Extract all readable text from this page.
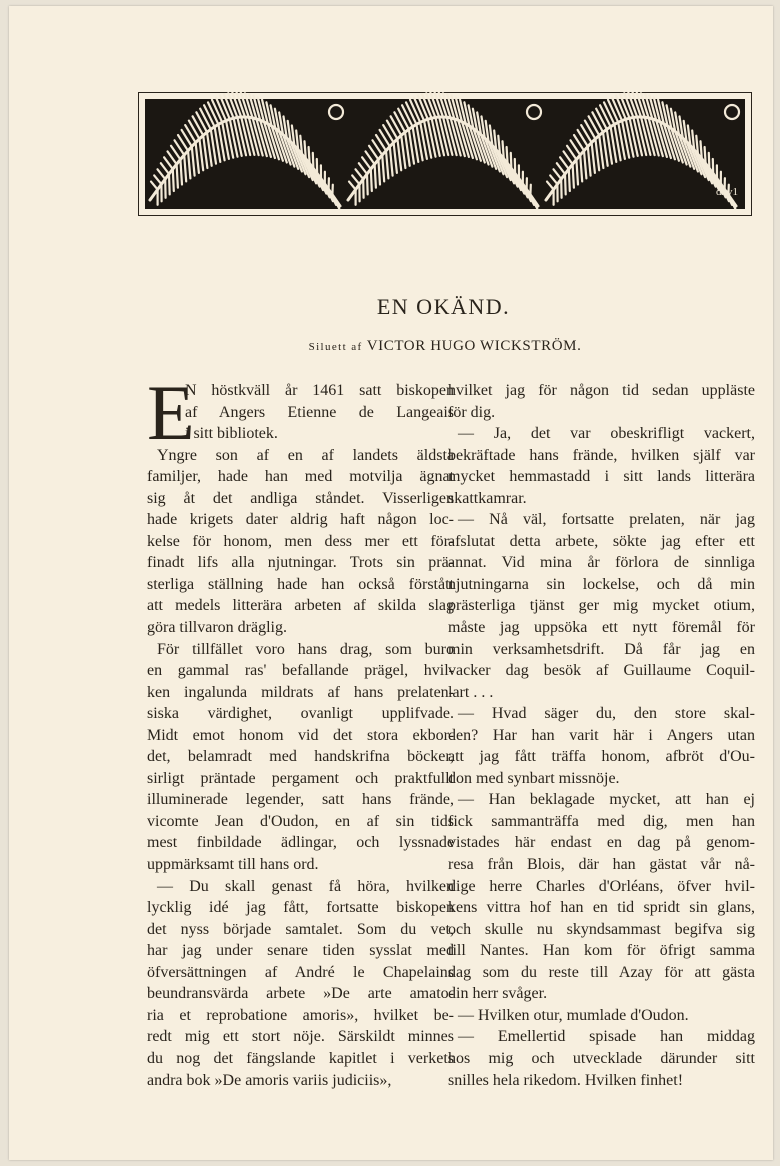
dxv1
EN OKÄND.
Siluett af VICTOR HUGO WICKSTRÖM.
E
N höstkväll år 1461 satt biskopen
af Angers Etienne de Langeais
i sitt bibliotek.
Yngre son af en af landets äldsta
familjer, hade han med motvilja ägnat
sig åt det andliga ståndet. Visserligen
hade krigets dater aldrig haft någon loc-
kelse för honom, men dess mer ett för-
finadt lifs alla njutningar. Trots sin prä-
sterliga ställning hade han också förstått
att medels litterära arbeten af skilda slag
göra tillvaron dräglig.
För tillfället voro hans drag, som buro
en gammal ras' befallande prägel, hvil-
ken ingalunda mildrats af hans prelaten-
siska värdighet, ovanligt upplifvade.
Midt emot honom vid det stora ekbor-
det, belamradt med handskrifna böcker,
sirligt präntade pergament och praktfullt
illuminerade legender, satt hans frände,
vicomte Jean d'Oudon, en af sin tids
mest finbildade ädlingar, och lyssnade
uppmärksamt till hans ord.
— Du skall genast få höra, hvilken
lycklig idé jag fått, fortsatte biskopen
det nyss började samtalet. Som du vet,
har jag under senare tiden sysslat med
öfversättningen af André le Chapelains
beundransvärda arbete »De arte amato-
ria et reprobatione amoris», hvilket be-
redt mig ett stort nöje. Särskildt minnes
du nog det fängslande kapitlet i verkets
andra bok »De amoris variis judiciis»,
hvilket jag för någon tid sedan uppläste
för dig.
— Ja, det var obeskrifligt vackert,
bekräftade hans frände, hvilken själf var
mycket hemmastadd i sitt lands litterära
skattkamrar.
— Nå väl, fortsatte prelaten, när jag
afslutat detta arbete, sökte jag efter ett
annat. Vid mina år förlora de sinnliga
njutningarna sin lockelse, och då min
prästerliga tjänst ger mig mycket otium,
måste jag uppsöka ett nytt föremål för
min verksamhetsdrift. Då får jag en
vacker dag besök af Guillaume Coquil-
lart . . .
— Hvad säger du, den store skal-
den? Har han varit här i Angers utan
att jag fått träffa honom, afbröt d'Ou-
don med synbart missnöje.
— Han beklagade mycket, att han ej
fick sammanträffa med dig, men han
vistades här endast en dag på genom-
resa från Blois, där han gästat vår nå-
dige herre Charles d'Orléans, öfver hvil-
kens vittra hof han en tid spridt sin glans,
och skulle nu skyndsammast begifva sig
till Nantes. Han kom för öfrigt samma
dag som du reste till Azay för att gästa
din herr svåger.
— Hvilken otur, mumlade d'Oudon.
— Emellertid spisade han middag
hos mig och utvecklade därunder sitt
snilles hela rikedom. Hvilken finhet!
